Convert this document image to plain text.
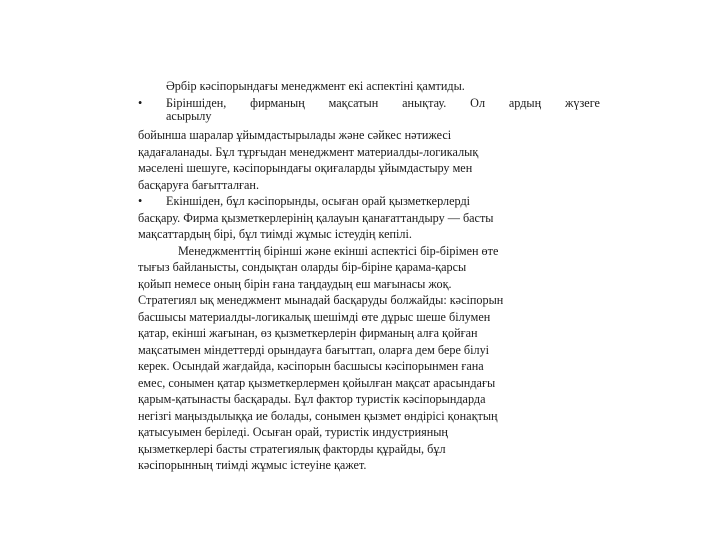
Әрбір кәсіпорындағы менеджмент екі аспектіні қамтиды.
•	Біріншіден, фирманың мақсатын анықтау. Ол ардың жүзеге
асырылу
бойынша шаралар ұйымдастырылады және сәйкес нәтижесі
қадағаланады. Бұл тұрғыдан менеджмент материалды-логикалық
мәселені шешуге, кәсіпорындағы оқиғаларды ұйымдастыру мен
басқаруға бағытталған.
•	Екіншіден, бұл кәсіпорынды, осыған орай қызметкерлерді
басқару. Фирма қызметкерлерінің қалауын қанағаттандыру — басты
мақсаттардың бірі, бұл тиімді жұмыс істеудің кепілі.
Менеджменттің бірінші және екінші аспектісі бір-бірімен өте
тығыз байланысты, сондықтан оларды бір-біріне қарама-қарсы
қойып немесе оның бірін ғана таңдаудың еш мағынасы жоқ.
Стратегиял ық менеджмент мынадай басқаруды болжайды: кәсіпорын
басшысы материалды-логикалық шешімді өте дұрыс шеше білумен
қатар, екінші жағынан, өз қызметкерлерін фирманың алға қойған
мақсатымен міндеттерді орындауға бағыттап, оларға дем бере білуі
керек. Осындай жағдайда, кәсіпорын басшысы кәсіпорынмен ғана
емес, сонымен қатар қызметкерлермен қойылған мақсат арасындағы
қарым-қатынасты басқарады. Бұл фактор туристік кәсіпорындарда
негізгі маңыздылыққа ие болады, сонымен қызмет өндірісі қонақтың
қатысуымен беріледі. Осыған орай, туристік индустрияның
қызметкерлері басты стратегиялық факторды құрайды, бұл
кәсіпорынның тиімді жұмыс істеуіне қажет.
